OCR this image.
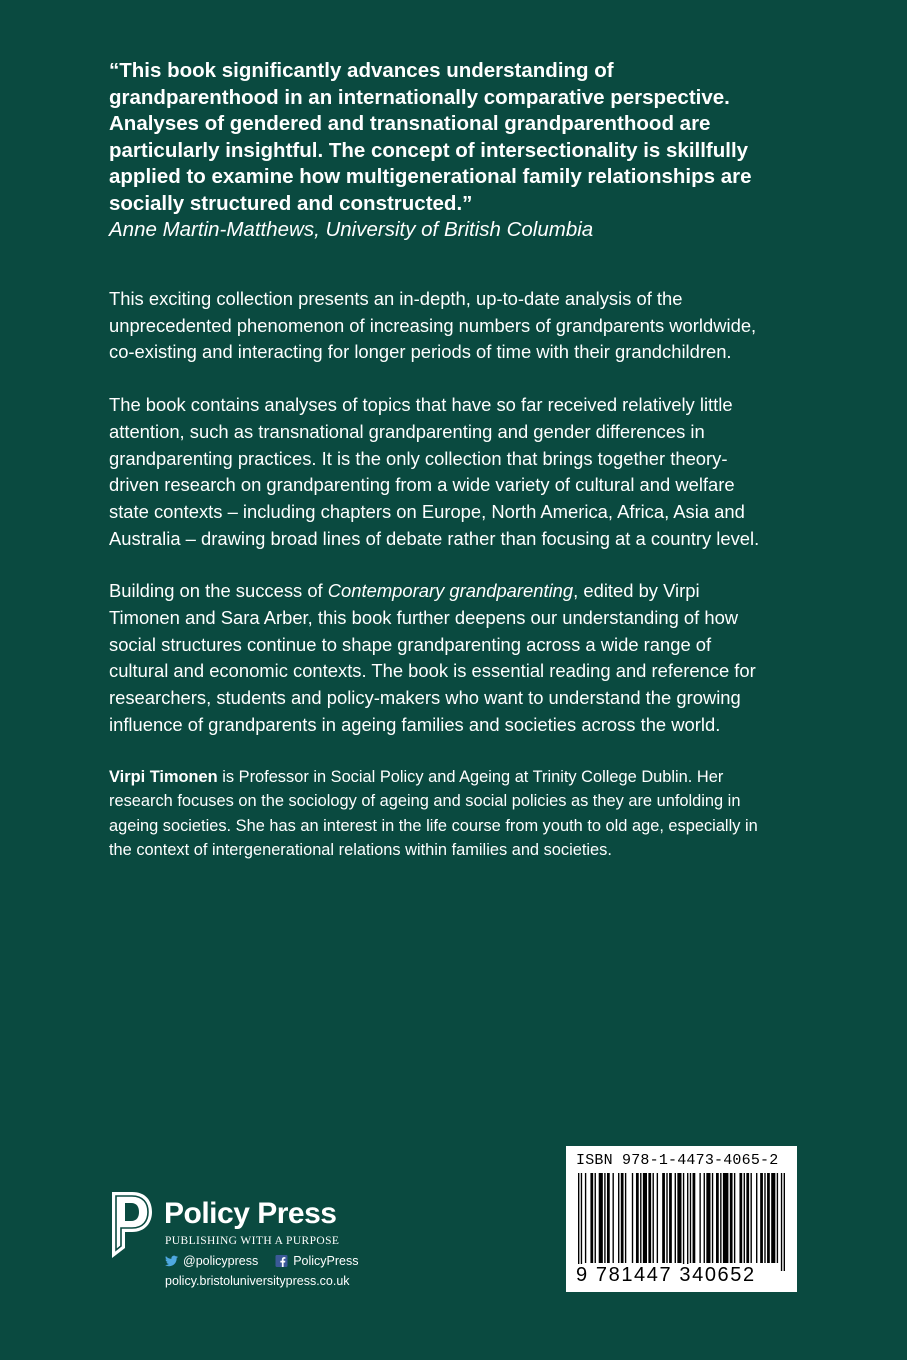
“This book significantly advances understanding of grandparenthood in an internationally comparative perspective. Analyses of gendered and transnational grandparenthood are particularly insightful. The concept of intersectionality is skillfully applied to examine how multigenerational family relationships are socially structured and constructed.”

Anne Martin-Matthews, University of British Columbia

This exciting collection presents an in-depth, up-to-date analysis of the unprecedented phenomenon of increasing numbers of grandparents worldwide, co-existing and interacting for longer periods of time with their grandchildren.

The book contains analyses of topics that have so far received relatively little attention, such as transnational grandparenting and gender differences in grandparenting practices. It is the only collection that brings together theory-driven research on grandparenting from a wide variety of cultural and welfare state contexts – including chapters on Europe, North America, Africa, Asia and Australia – drawing broad lines of debate rather than focusing at a country level.

Building on the success of Contemporary grandparenting, edited by Virpi Timonen and Sara Arber, this book further deepens our understanding of how social structures continue to shape grandparenting across a wide range of cultural and economic contexts. The book is essential reading and reference for researchers, students and policy-makers who want to understand the growing influence of grandparents in ageing families and societies across the world.

Virpi Timonen is Professor in Social Policy and Ageing at Trinity College Dublin. Her research focuses on the sociology of ageing and social policies as they are unfolding in ageing societies. She has an interest in the life course from youth to old age, especially in the context of intergenerational relations within families and societies.

Policy Press
PUBLISHING WITH A PURPOSE
@policypress	PolicyPress
policy.bristoluniversitypress.co.uk
ISBN 978-1-4473-4065-2
9 781447 340652
